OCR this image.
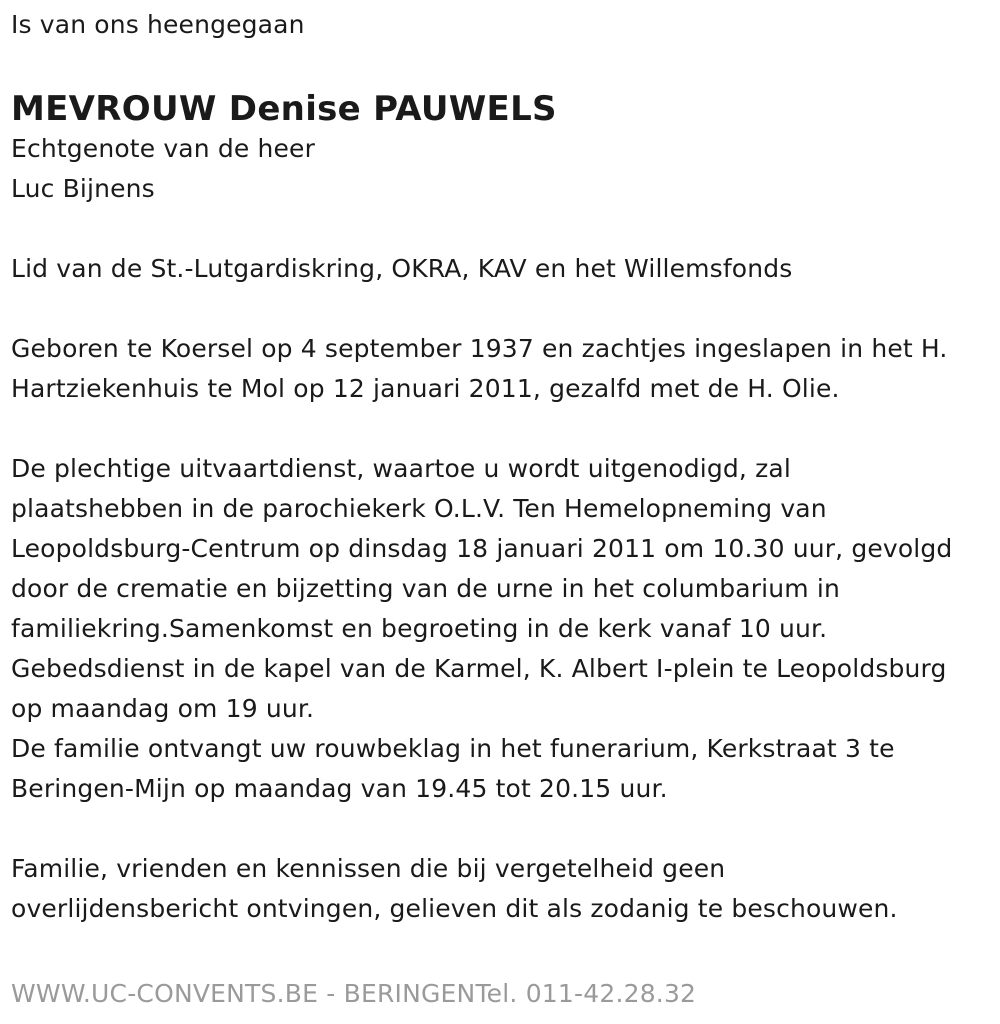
Is van ons heengegaan
MEVROUW Denise PAUWELS
Echtgenote van de heer
Luc Bijnens
Lid van de St.-Lutgardiskring, OKRA, KAV en het Willemsfonds
Geboren te Koersel op 4 september 1937 en zachtjes ingeslapen in het H.
Hartziekenhuis te Mol op 12 januari 2011, gezalfd met de H. Olie.
De plechtige uitvaartdienst, waartoe u wordt uitgenodigd, zal
plaatshebben in de parochiekerk O.L.V. Ten Hemelopneming van
Leopoldsburg-Centrum op dinsdag 18 januari 2011 om 10.30 uur, gevolgd
door de crematie en bijzetting van de urne in het columbarium in
familiekring.Samenkomst en begroeting in de kerk vanaf 10 uur.
Gebedsdienst in de kapel van de Karmel, K. Albert I-plein te Leopoldsburg
op maandag om 19 uur.
De familie ontvangt uw rouwbeklag in het funerarium, Kerkstraat 3 te
Beringen-Mijn op maandag van 19.45 tot 20.15 uur.
Familie, vrienden en kennissen die bij vergetelheid geen
overlijdensbericht ontvingen, gelieven dit als zodanig te beschouwen.
WWW.UC-CONVENTS.BE - BERINGENTel. 011-42.28.32
